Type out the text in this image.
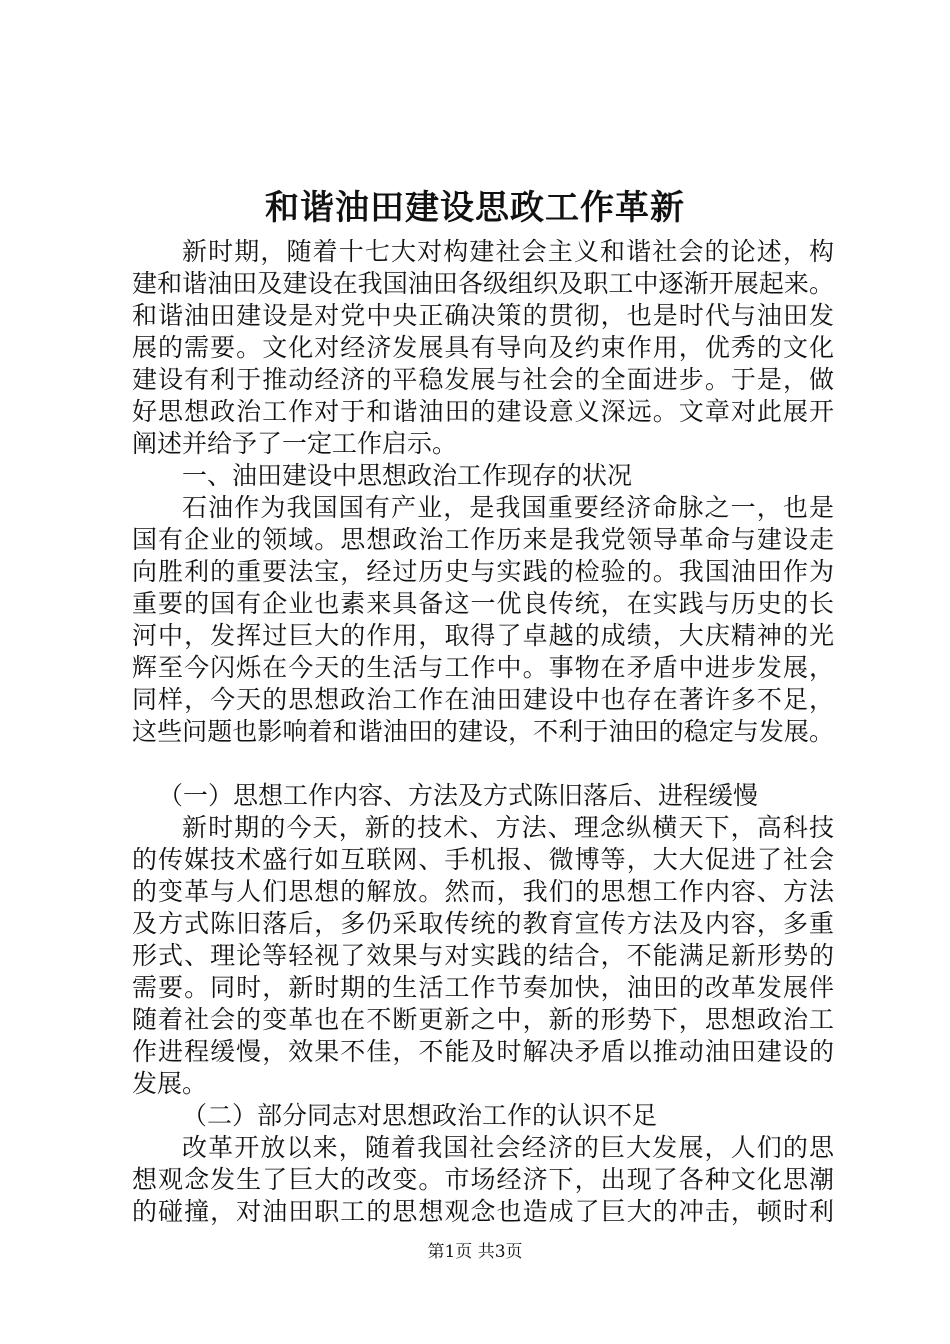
和谐油田建设思政工作革新
新时期，随着十七大对构建社会主义和谐社会的论述，构
建和谐油田及建设在我国油田各级组织及职工中逐渐开展起来。
和谐油田建设是对党中央正确决策的贯彻，也是时代与油田发
展的需要。文化对经济发展具有导向及约束作用，优秀的文化
建设有利于推动经济的平稳发展与社会的全面进步。于是，做
好思想政治工作对于和谐油田的建设意义深远。文章对此展开
阐述并给予了一定工作启示。
一、油田建设中思想政治工作现存的状况
石油作为我国国有产业，是我国重要经济命脉之一，也是
国有企业的领域。思想政治工作历来是我党领导革命与建设走
向胜利的重要法宝，经过历史与实践的检验的。我国油田作为
重要的国有企业也素来具备这一优良传统，在实践与历史的长
河中，发挥过巨大的作用，取得了卓越的成绩，大庆精神的光
辉至今闪烁在今天的生活与工作中。事物在矛盾中进步发展，
同样，今天的思想政治工作在油田建设中也存在著许多不足，
这些问题也影响着和谐油田的建设，不利于油田的稳定与发展。
（一）思想工作内容、方法及方式陈旧落后、进程缓慢
新时期的今天，新的技术、方法、理念纵横天下，高科技
的传媒技术盛行如互联网、手机报、微博等，大大促进了社会
的变革与人们思想的解放。然而，我们的思想工作内容、方法
及方式陈旧落后，多仍采取传统的教育宣传方法及内容，多重
形式、理论等轻视了效果与对实践的结合，不能满足新形势的
需要。同时，新时期的生活工作节奏加快，油田的改革发展伴
随着社会的变革也在不断更新之中，新的形势下，思想政治工
作进程缓慢，效果不佳，不能及时解决矛盾以推动油田建设的
发展。
（二）部分同志对思想政治工作的认识不足
改革开放以来，随着我国社会经济的巨大发展，人们的思
想观念发生了巨大的改变。市场经济下，出现了各种文化思潮
的碰撞，对油田职工的思想观念也造成了巨大的冲击，顿时利
第1页 共3页
